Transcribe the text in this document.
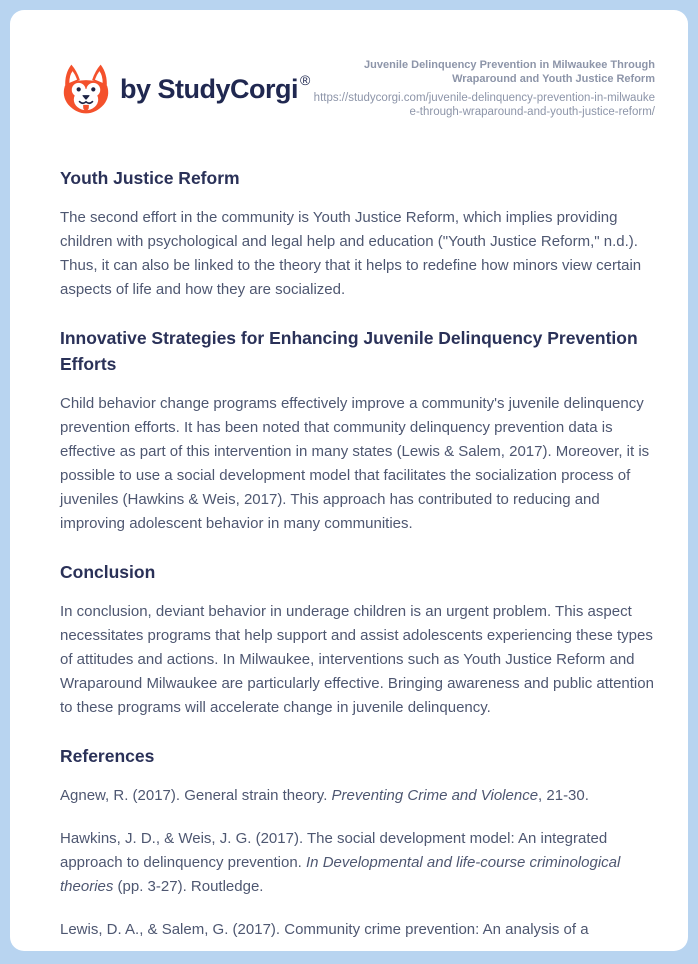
by StudyCorgi ®
Juvenile Delinquency Prevention in Milwaukee Through Wraparound and Youth Justice Reform
https://studycorgi.com/juvenile-delinquency-prevention-in-milwaukee-through-wraparound-and-youth-justice-reform/
Youth Justice Reform

The second effort in the community is Youth Justice Reform, which implies providing children with psychological and legal help and education ("Youth Justice Reform," n.d.). Thus, it can also be linked to the theory that it helps to redefine how minors view certain aspects of life and how they are socialized.

Innovative Strategies for Enhancing Juvenile Delinquency Prevention Efforts

Child behavior change programs effectively improve a community's juvenile delinquency prevention efforts. It has been noted that community delinquency prevention data is effective as part of this intervention in many states (Lewis & Salem, 2017). Moreover, it is possible to use a social development model that facilitates the socialization process of juveniles (Hawkins & Weis, 2017). This approach has contributed to reducing and improving adolescent behavior in many communities.

Conclusion

In conclusion, deviant behavior in underage children is an urgent problem. This aspect necessitates programs that help support and assist adolescents experiencing these types of attitudes and actions. In Milwaukee, interventions such as Youth Justice Reform and Wraparound Milwaukee are particularly effective. Bringing awareness and public attention to these programs will accelerate change in juvenile delinquency.

References

Agnew, R. (2017). General strain theory. Preventing Crime and Violence, 21-30.

Hawkins, J. D., & Weis, J. G. (2017). The social development model: An integrated approach to delinquency prevention. In Developmental and life-course criminological theories (pp. 3-27). Routledge.

Lewis, D. A., & Salem, G. (2017). Community crime prevention: An analysis of a
